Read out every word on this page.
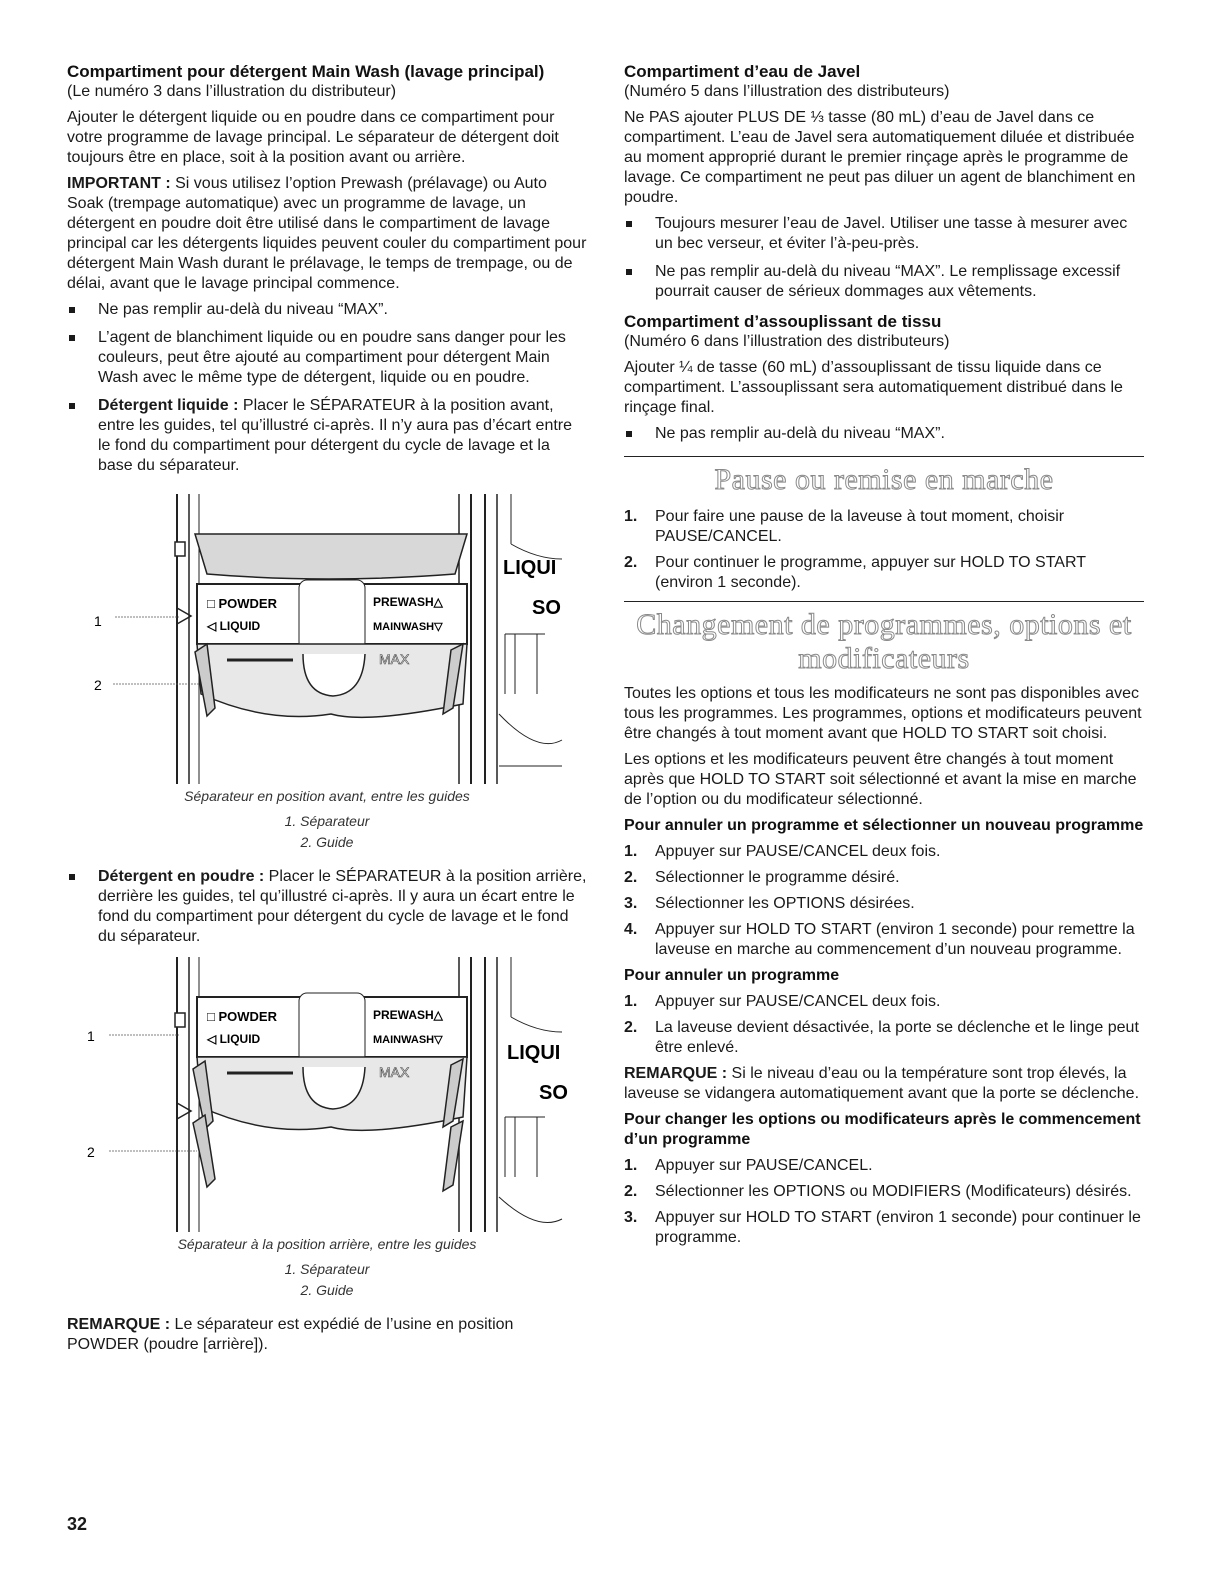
Compartiment pour détergent Main Wash (lavage principal)

(Le numéro 3 dans l’illustration du distributeur)

Ajouter le détergent liquide ou en poudre dans ce compartiment pour votre programme de lavage principal. Le séparateur de détergent doit toujours être en place, soit à la position avant ou arrière.

IMPORTANT : Si vous utilisez l’option Prewash (prélavage) ou Auto Soak (trempage automatique) avec un programme de lavage, un détergent en poudre doit être utilisé dans le compartiment de lavage principal car les détergents liquides peuvent couler du compartiment pour détergent Main Wash durant le prélavage, le temps de trempage, ou de délai, avant que le lavage principal commence.

Ne pas remplir au-delà du niveau “MAX”.
L’agent de blanchiment liquide ou en poudre sans danger pour les couleurs, peut être ajouté au compartiment pour détergent Main Wash avec le même type de détergent, liquide ou en poudre.
Détergent liquide : Placer le SÉPARATEUR à la position avant, entre les guides, tel qu’illustré ci-après. Il n’y aura pas d’écart entre le fond du compartiment pour détergent du cycle de lavage et la base du séparateur.
□ POWDER
◁ LIQUID
PREWASH△
MAINWASH▽
MAX
LIQUI
SO
1
2
Séparateur en position avant, entre les guides
1. Séparateur
2. Guide
Détergent en poudre : Placer le SÉPARATEUR à la position arrière, derrière les guides, tel qu’illustré ci-après. Il y aura un écart entre le fond du compartiment pour détergent du cycle de lavage et le fond du séparateur.
□ POWDER
◁ LIQUID
PREWASH△
MAINWASH▽
MAX
LIQUI
SO
1
2
Séparateur à la position arrière, entre les guides
1. Séparateur
2. Guide

REMARQUE : Le séparateur est expédié de l’usine en position POWDER (poudre [arrière]).

Compartiment d’eau de Javel

(Numéro 5 dans l’illustration des distributeurs)

Ne PAS ajouter PLUS DE ⅓ tasse (80 mL) d’eau de Javel dans ce compartiment. L’eau de Javel sera automatiquement diluée et distribuée au moment approprié durant le premier rinçage après le programme de lavage. Ce compartiment ne peut pas diluer un agent de blanchiment en poudre.

Toujours mesurer l’eau de Javel. Utiliser une tasse à mesurer avec un bec verseur, et éviter l’à-peu-près.
Ne pas remplir au-delà du niveau “MAX”. Le remplissage excessif pourrait causer de sérieux dommages aux vêtements.
Compartiment d’assouplissant de tissu

(Numéro 6 dans l’illustration des distributeurs)

Ajouter ¼ de tasse (60 mL) d’assouplissant de tissu liquide dans ce compartiment. L’assouplissant sera automatiquement distribué dans le rinçage final.

Ne pas remplir au-delà du niveau “MAX”.
Pause ou remise en marche
1. Pour faire une pause de la laveuse à tout moment, choisir PAUSE/CANCEL.
2. Pour continuer le programme, appuyer sur HOLD TO START (environ 1 seconde).
Changement de programmes, options et
modificateurs

Toutes les options et tous les modificateurs ne sont pas disponibles avec tous les programmes. Les programmes, options et modificateurs peuvent être changés à tout moment avant que HOLD TO START soit choisi.

Les options et les modificateurs peuvent être changés à tout moment après que HOLD TO START soit sélectionné et avant la mise en marche de l’option ou du modificateur sélectionné.

Pour annuler un programme et sélectionner un nouveau programme
1. Appuyer sur PAUSE/CANCEL deux fois.
2. Sélectionner le programme désiré.
3. Sélectionner les OPTIONS désirées.
4. Appuyer sur HOLD TO START (environ 1 seconde) pour remettre la laveuse en marche au commencement d’un nouveau programme.
Pour annuler un programme
1. Appuyer sur PAUSE/CANCEL deux fois.
2. La laveuse devient désactivée, la porte se déclenche et le linge peut être enlevé.

REMARQUE : Si le niveau d’eau ou la température sont trop élevés, la laveuse se vidangera automatiquement avant que la porte se déclenche.

Pour changer les options ou modificateurs après le commencement d’un programme
1. Appuyer sur PAUSE/CANCEL.
2. Sélectionner les OPTIONS ou MODIFIERS (Modificateurs) désirés.
3. Appuyer sur HOLD TO START (environ 1 seconde) pour continuer le programme.
32
